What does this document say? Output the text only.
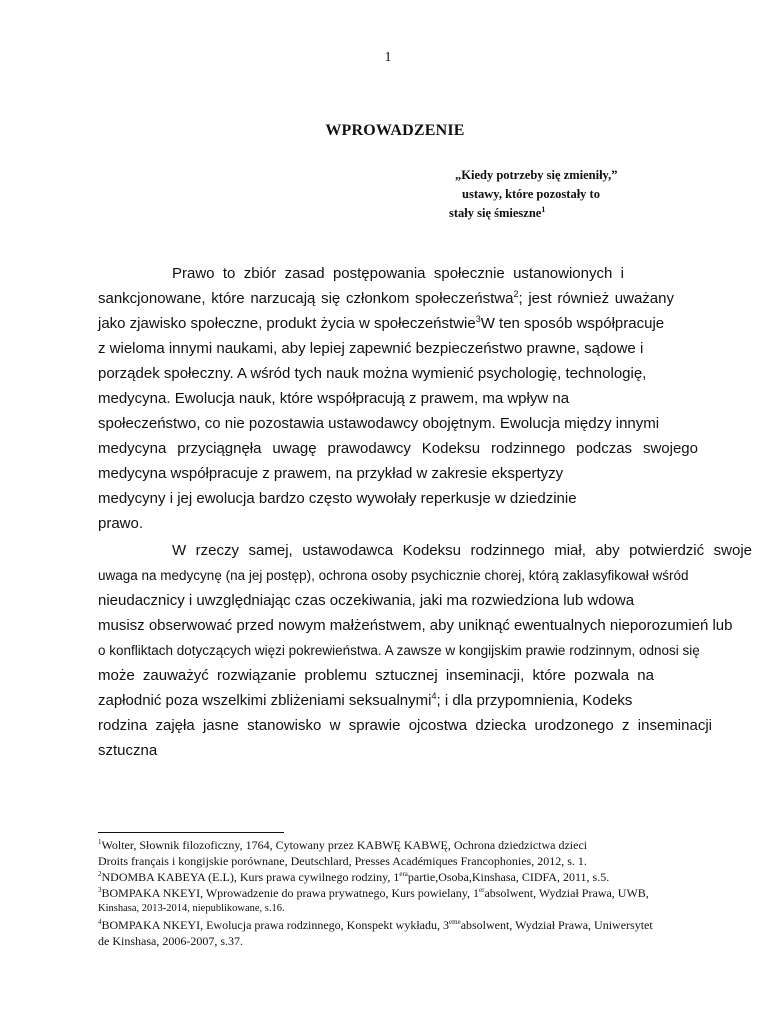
1
WPROWADZENIE
„Kiedy potrzeby się zmieniły,”
ustawy, które pozostały to
stały się śmieszne$^1$
Prawo to zbiór zasad postępowania społecznie ustanowionych i
sankcjonowane, które narzucają się członkom społeczeństwa$^2$; jest również uważany
jako zjawisko społeczne, produkt życia w społeczeństwie$^3$W ten sposób współpracuje
z wieloma innymi naukami, aby lepiej zapewnić bezpieczeństwo prawne, sądowe i
porządek społeczny. A wśród tych nauk można wymienić psychologię, technologię,
medycyna. Ewolucja nauk, które współpracują z prawem, ma wpływ na
społeczeństwo, co nie pozostawia ustawodawcy obojętnym. Ewolucja między innymi
medycyna przyciągnęła uwagę prawodawcy Kodeksu rodzinnego podczas swojego
medycyna współpracuje z prawem, na przykład w zakresie ekspertyzy
medycyny i jej ewolucja bardzo często wywołały reperkusje w dziedzinie
prawo.
W rzeczy samej, ustawodawca Kodeksu rodzinnego miał, aby potwierdzić swoje
uwaga na medycynę (na jej postęp), ochrona osoby psychicznie chorej, którą zaklasyfikował wśród
nieudacznicy i uwzględniając czas oczekiwania, jaki ma rozwiedziona lub wdowa
musisz obserwować przed nowym małżeństwem, aby uniknąć ewentualnych nieporozumień lub
o konfliktach dotyczących więzi pokrewieństwa. A zawsze w kongijskim prawie rodzinnym, odnosi się
może zauważyć rozwiązanie problemu sztucznej inseminacji, które pozwala na
zapłodnić poza wszelkimi zbliżeniami seksualnymi$^4$; i dla przypomnienia, Kodeks
rodzina zajęła jasne stanowisko w sprawie ojcostwa dziecka urodzonego z inseminacji
sztuczna
$^1$Wolter, Słownik filozoficzny, 1764, Cytowany przez KABWĘ KABWĘ, Ochrona dziedzictwa dzieci
Droits français i kongijskie porównane, Deutschlard, Presses Académiques Francophonies, 2012, s. 1.
$^2$NDOMBA KABEYA (E.L), Kurs prawa cywilnego rodziny, $1^{era}partie,Osoba,Kinshasa$, CIDFA, 2011, s.5.
$^3$BOMPAKA NKEYI, Wprowadzenie do prawa prywatnego, Kurs powielany, 1erabsolwent, Wydział Prawa, UWB,
Kinshasa, 2013-2014, niepublikowane, s.16.
$^4$BOMPAKA NKEYI, Ewolucja prawa rodzinnego, Konspekt wykładu, 3emeabsolwent, Wydział Prawa, Uniwersytet
de Kinshasa, 2006-2007, s.37.
